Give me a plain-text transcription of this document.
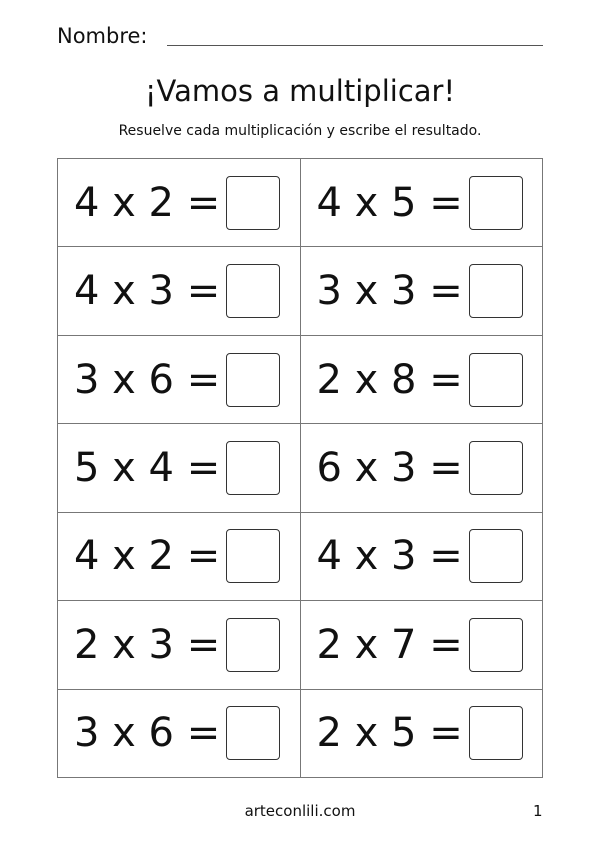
Nombre:
¡Vamos a multiplicar!
Resuelve cada multiplicación y escribe el resultado.
4 x 2 = 4 x 5 =
4 x 3 = 3 x 3 =
3 x 6 = 2 x 8 =
5 x 4 = 6 x 3 =
4 x 2 = 4 x 3 =
2 x 3 = 2 x 7 =
3 x 6 = 2 x 5 =
arteconlili.com	1
